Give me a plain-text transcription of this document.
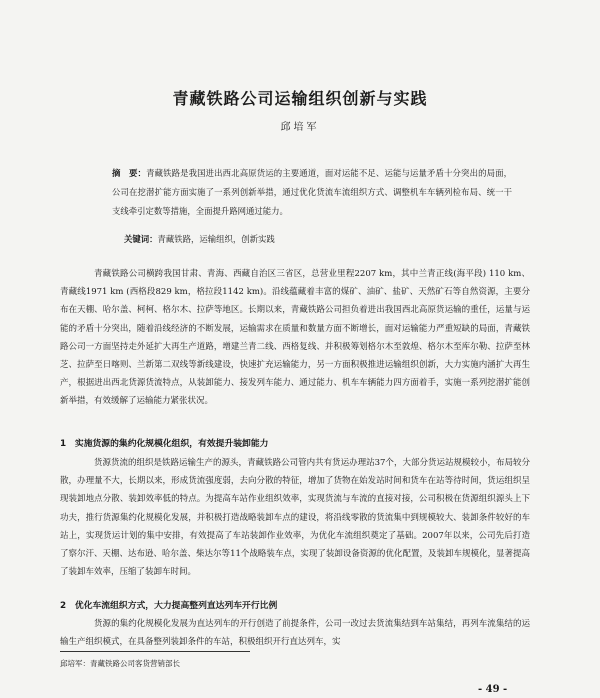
青藏铁路公司运输组织创新与实践
邱培军

摘　要：青藏铁路是我国进出西北高原货运的主要通道，面对运能不足、运能与运量矛盾十分突出的局面，公司在挖潜扩能方面实施了一系列创新举措，通过优化货流车流组织方式、调整机车车辆列检布局、统一干支线牵引定数等措施，全面提升路网通过能力。

关键词：青藏铁路，运输组织，创新实践

青藏铁路公司横跨我国甘肃、青海、西藏自治区三省区，总营业里程2207 km，其中兰青正线(海平段) 110 km、青藏线1971 km (西格段829 km，格拉段1142 km)。沿线蕴藏着丰富的煤矿、油矿、盐矿、天然矿石等自然资源，主要分布在天棚、哈尔盖、柯柯、格尔木、拉萨等地区。长期以来，青藏铁路公司担负着进出我国西北高原货运输的重任，运量与运能的矛盾十分突出，随着沿线经济的不断发展，运输需求在质量和数量方面不断增长，面对运输能力严重短缺的局面，青藏铁路公司一方面坚持走外延扩大再生产道路，增建兰青二线、西格复线、并积极筹划格尔木至敦煌、格尔木至库尔勒、拉萨至林芝、拉萨至日喀则、兰新第二双线等新线建设，快速扩充运输能力，另一方面积极推进运输组织创新，大力实施内涵扩大再生产，根据进出西北货源货流特点，从装卸能力、接发列车能力、通过能力、机车车辆能力四方面着手，实施一系列挖潜扩能创新举措，有效缓解了运输能力紧张状况。

1　实施货源的集约化规模化组织，有效提升装卸能力

货源货流的组织是铁路运输生产的源头，青藏铁路公司管内共有货运办理站37个，大部分货运站规模较小，布局较分散，办理量不大，长期以来，形成货流强度弱，去向分散的特征，增加了货物在始发站时间和货车在站等待时间，货运组织呈现装卸地点分散、装卸效率低的特点。为提高车站作业组织效率，实现货流与车流的直接对接，公司积极在货源组织源头上下功夫，推行货源集约化规模化发展，并积极打造战略装卸车点的建设，将沿线零散的货流集中到规模较大、装卸条件较好的车站上，实现货运计划的集中安排，有效提高了车站装卸作业效率，为优化车流组织奠定了基础。2007年以来，公司先后打造了察尔汗、天棚、达布逊、哈尔盖、柴达尔等11个战略装车点，实现了装卸设备资源的优化配置，及装卸车规模化，显著提高了装卸车效率，压缩了装卸车时间。

2　优化车流组织方式，大力提高整列直达列车开行比例

货源的集约化规模化发展为直达列车的开行创造了前提条件，公司一改过去货流集结到车站集结，再列车流集结的运输生产组织模式，在具备整列装卸条件的车站，积极组织开行直达列车，实

邱培军：青藏铁路公司客货营销部长

- 49 -
